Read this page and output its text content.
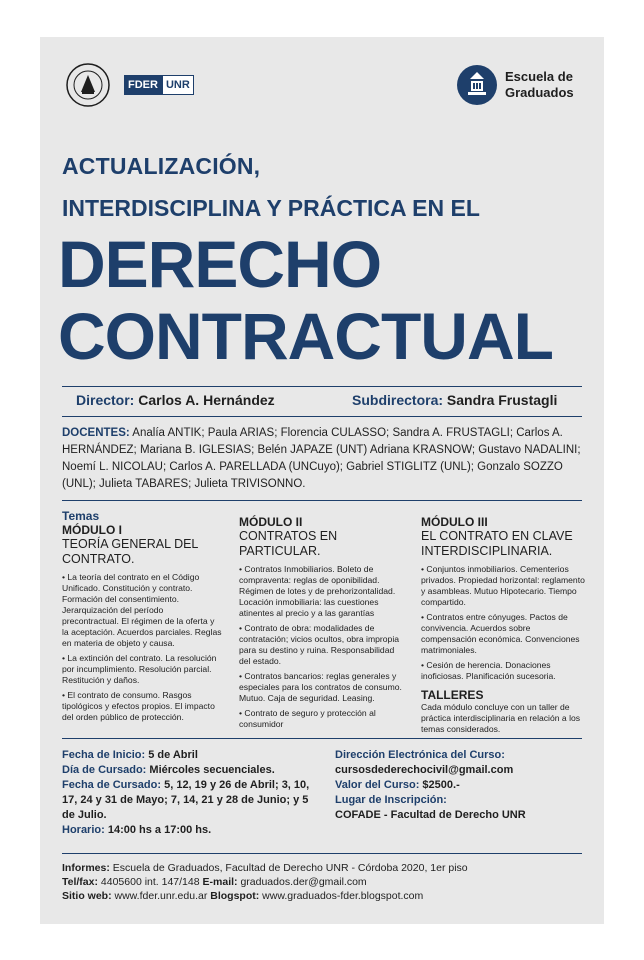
FDER UNR
Escuela de
Graduados
ACTUALIZACIÓN,
INTERDISCIPLINA Y PRÁCTICA EN EL
DERECHO
CONTRACTUAL
Director: Carlos A. Hernández	Subdirectora: Sandra Frustagli
DOCENTES: Analía ANTIK; Paula ARIAS; Florencia CULASSO; Sandra A. FRUSTAGLI; Carlos A. HERNÁNDEZ; Mariana B. IGLESIAS; Belén JAPAZE (UNT) Adriana KRASNOW; Gustavo NADALINI; Noemí L. NICOLAU; Carlos A. PARELLADA (UNCuyo); Gabriel STIGLITZ (UNL); Gonzalo SOZZO (UNL); Julieta TABARES; Julieta TRIVISONNO.
Temas
MÓDULO I
TEORÍA GENERAL DEL CONTRATO.

• La teoría del contrato en el Código Unificado. Constitución y contrato. Formación del consentimiento. Jerarquización del período precontractual. El régimen de la oferta y la aceptación. Acuerdos parciales. Reglas en materia de objeto y causa.

• La extinción del contrato. La resolución por incumplimiento. Resolución parcial. Restitución y daños.

• El contrato de consumo. Rasgos tipológicos y efectos propios. El impacto del orden público de protección.

MÓDULO II
CONTRATOS EN PARTICULAR.

• Contratos Inmobiliarios. Boleto de compraventa: reglas de oponibilidad. Régimen de lotes y de prehorizontalidad. Locación inmobiliaria: las cuestiones atinentes al precio y a las garantías

• Contrato de obra: modalidades de contratación; vicios ocultos, obra impropia para su destino y ruina. Responsabilidad del estado.

• Contratos bancarios: reglas generales y especiales para los contratos de consumo. Mutuo. Caja de seguridad. Leasing.

• Contrato de seguro y protección al consumidor

MÓDULO III
EL CONTRATO EN CLAVE INTERDISCIPLINARIA.

• Conjuntos inmobiliarios. Cementerios privados. Propiedad horizontal: reglamento y asambleas. Mutuo Hipotecario. Tiempo compartido.

• Contratos entre cónyuges. Pactos de convivencia. Acuerdos sobre compensación económica. Convenciones matrimoniales.

• Cesión de herencia. Donaciones inoficiosas. Planificación sucesoria.

TALLERES

Cada módulo concluye con un taller de práctica interdisciplinaria en relación a los temas considerados.

Fecha de Inicio: 5 de Abril
Día de Cursado: Miércoles secuenciales.
Fecha de Cursado: 5, 12, 19 y 26 de Abril; 3, 10, 17, 24 y 31 de Mayo; 7, 14, 21 y 28 de Junio; y 5 de Julio.
Horario: 14:00 hs a 17:00 hs.
Dirección Electrónica del Curso:
cursosdederechocivil@gmail.com
Valor del Curso: $2500.-
Lugar de Inscripción:
COFADE - Facultad de Derecho UNR
Informes: Escuela de Graduados, Facultad de Derecho UNR - Córdoba 2020, 1er piso
Tel/fax: 4405600 int. 147/148 E-mail: graduados.der@gmail.com
Sitio web: www.fder.unr.edu.ar Blogspot: www.graduados-fder.blogspot.com
